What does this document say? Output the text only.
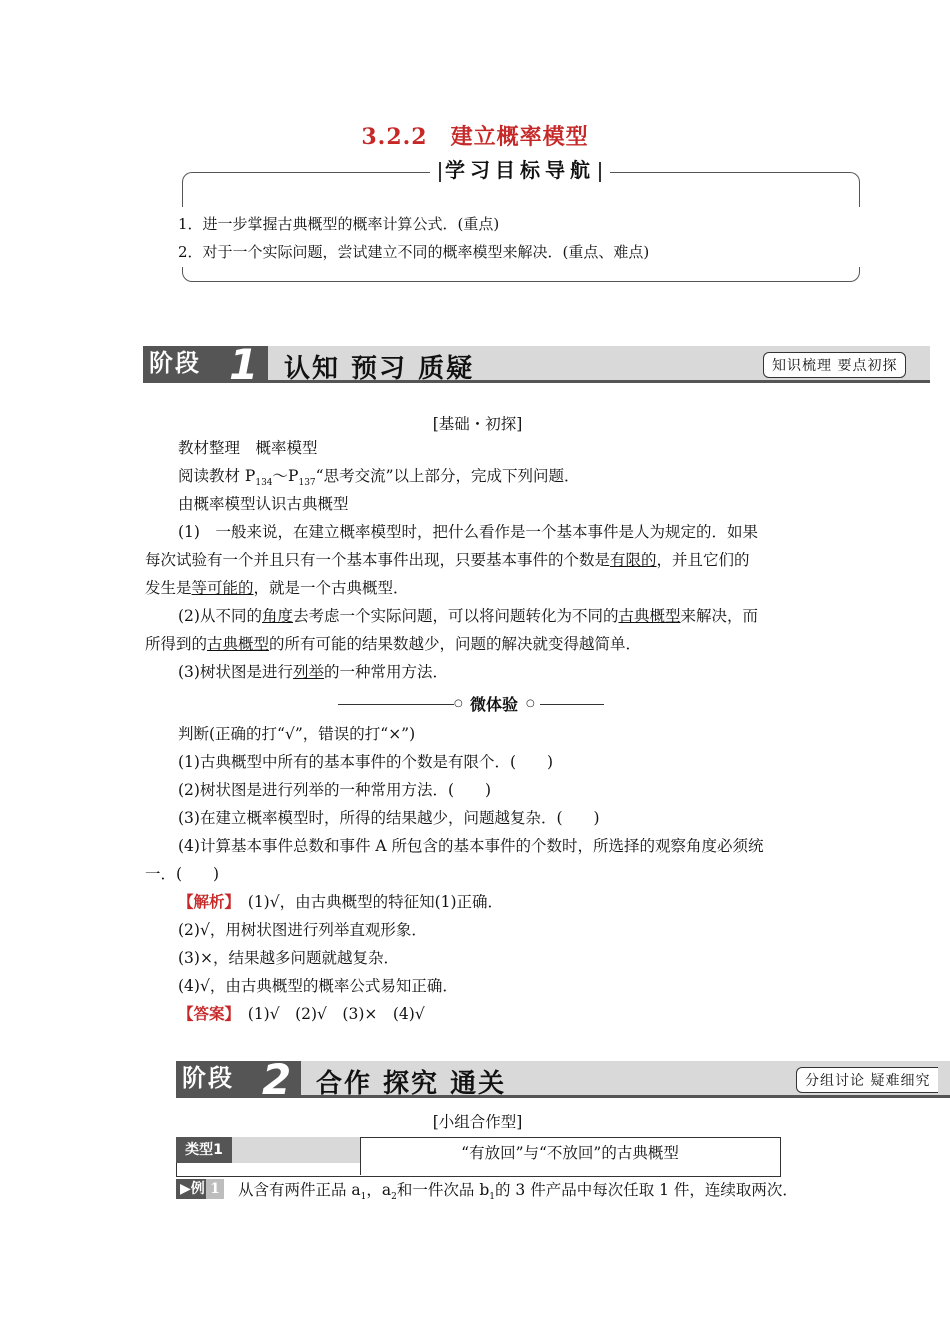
3.2.2　建立概率模型
学习目标导航
1．进一步掌握古典概型的概率计算公式．(重点)
2．对于一个实际问题，尝试建立不同的概率模型来解决．(重点、难点)
阶段 1 认知 预习 质疑	知识梳理 要点初探
[基础・初探]
教材整理　概率模型
阅读教材 $P_{134}\sim P_{137}“$思考交流”以上部分，完成下列问题．
由概率模型认识古典概型
(1)　一般来说，在建立概率模型时，把什么看作是一个基本事件是人为规定的．如果
每次试验有一个并且只有一个基本事件出现，只要基本事件的个数是有限的，并且它们的
发生是等可能的，就是一个古典概型．
(2)从不同的角度去考虑一个实际问题，可以将问题转化为不同的古典概型来解决，而
所得到的古典概型的所有可能的结果数越少，问题的解决就变得越简单．
(3)树状图是进行列举的一种常用方法．
○ 微体验 ○
判断(正确的打“√”，错误的打“×”)
(1)古典概型中所有的基本事件的个数是有限个．(　　)
(2)树状图是进行列举的一种常用方法．(　　)
(3)在建立概率模型时，所得的结果越少，问题越复杂．(　　)
(4)计算基本事件总数和事件 A 所包含的基本事件的个数时，所选择的观察角度必须统
一．(　　)
【解析】　(1)√，由古典概型的特征知(1)正确．
(2)√，用树状图进行列举直观形象．
(3)×，结果越多问题就越复杂．
(4)√，由古典概型的概率公式易知正确．
【答案】　(1)√　(2)√　(3)×　(4)√
阶段 2 合作 探究 通关	分组讨论 疑难细究
[小组合作型]
类型1	“有放回”与“不放回”的古典概型
▶例 1 从含有两件正品 $a_1$，$a_2$和一件次品 $b_1$的 3 件产品中每次任取 1 件，连续取两次．
